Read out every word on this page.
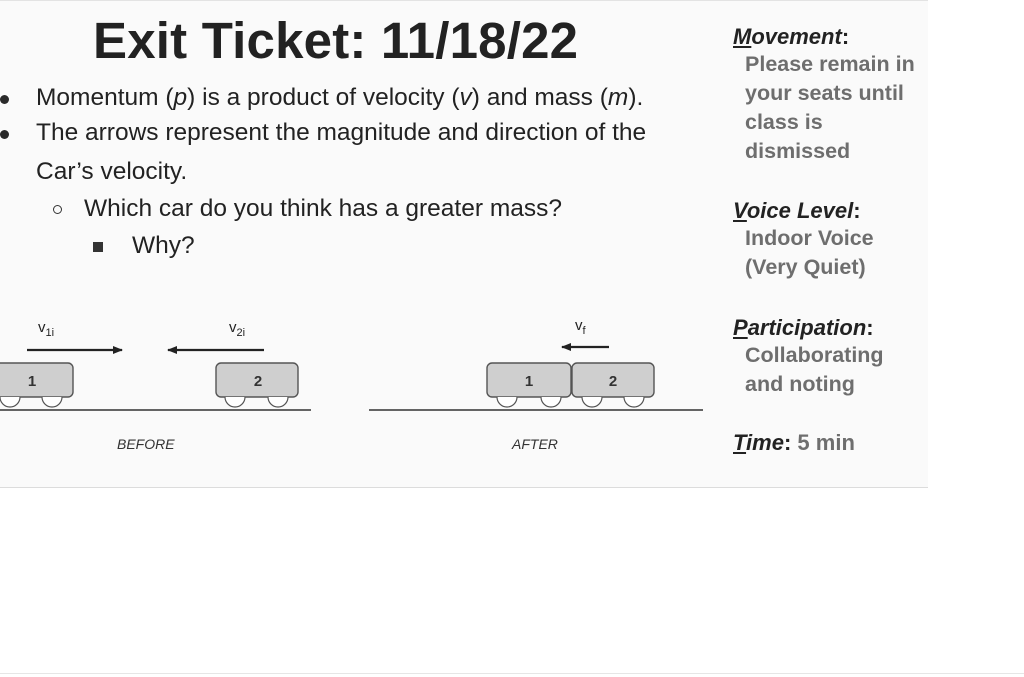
Exit Ticket: 11/18/22
Momentum (p) is a product of velocity (v) and mass (m).
The arrows represent the magnitude and direction of the
Car’s velocity.
Which car do you think has a greater mass?
Why?
$v_{1i}$	$v_{2i}$
1	2
$v_f$
1	2
BEFORE	AFTER
Movement:
Please remain in your seats until class is dismissed
Voice Level:
Indoor Voice (Very Quiet)
Participation:
Collaborating and noting
Time: 5 min
